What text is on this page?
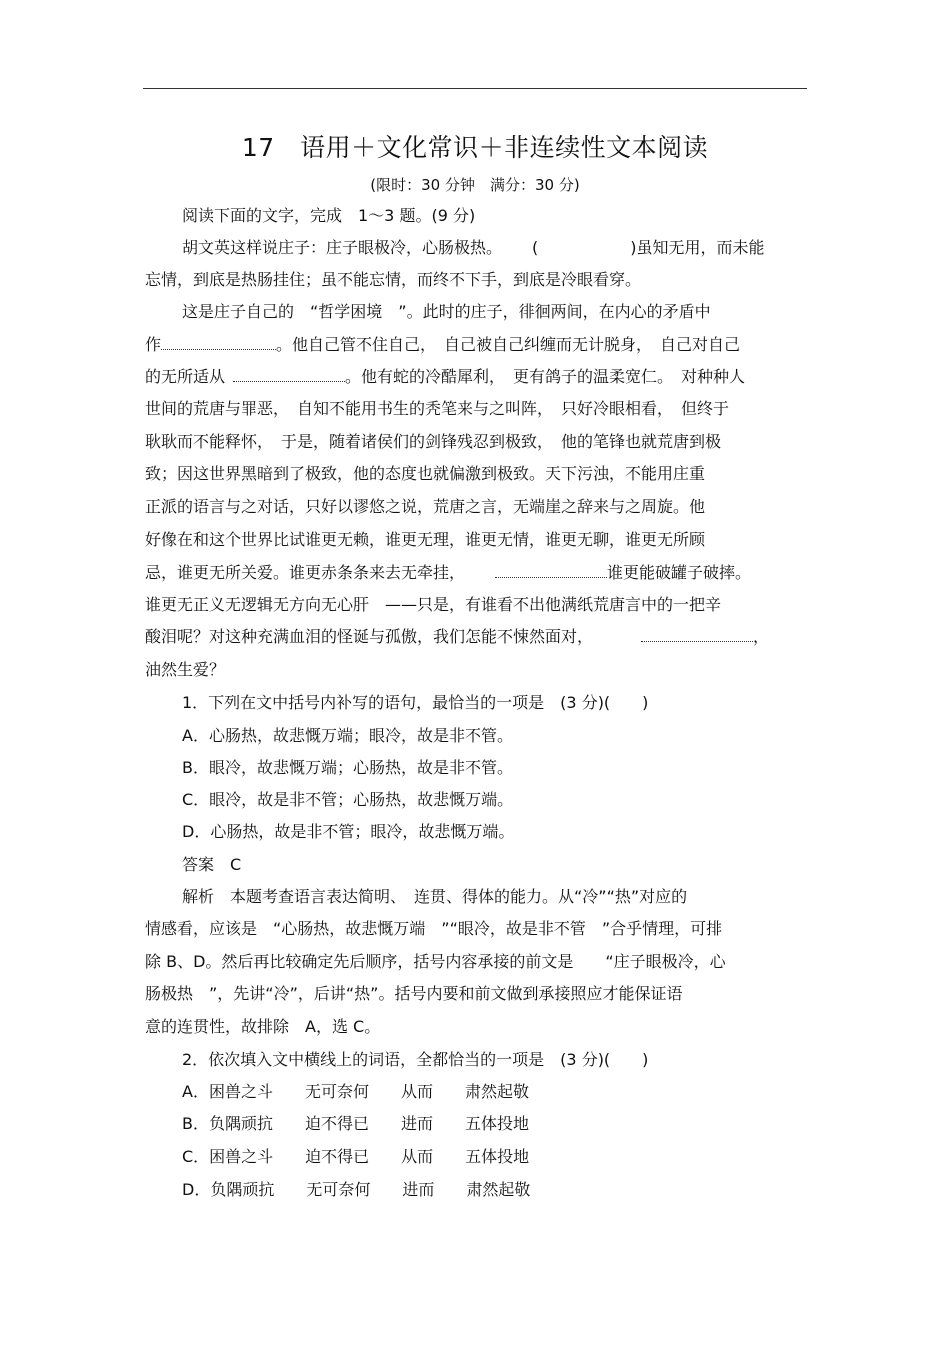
17　语用＋文化常识＋非连续性文本阅读
(限时：30 分钟　满分：30 分)
阅读下面的文字，完成　1～3 题。(9 分)
胡文英这样说庄子：庄子眼极冷，心肠极热。 (	)虽知无用，而未能
忘情，到底是热肠挂住；虽不能忘情，而终不下手，到底是冷眼看穿。
这是庄子自己的　“哲学困境　”。此时的庄子，徘徊两间，在内心的矛盾中
作	。他自己管不住自己，　自己被自己纠缠而无计脱身，　自己对自己
的无所适从	。他有蛇的冷酷犀利，　更有鸽子的温柔宽仁。　对种种人
世间的荒唐与罪恶，　自知不能用书生的秃笔来与之叫阵，　只好冷眼相看，　但终于
耿耿而不能释怀，　于是，随着诸侯们的剑锋残忍到极致，　他的笔锋也就荒唐到极
致；因这世界黑暗到了极致，他的态度也就偏激到极致。天下污浊，不能用庄重
正派的语言与之对话，只好以谬悠之说，荒唐之言，无端崖之辞来与之周旋。他
好像在和这个世界比试谁更无赖，谁更无理，谁更无情，谁更无聊，谁更无所顾
忌，谁更无所关爱。谁更赤条条来去无牵挂，	谁更能破罐子破摔。
谁更无正义无逻辑无方向无心肝　——只是，有谁看不出他满纸荒唐言中的一把辛
酸泪呢？对这种充满血泪的怪诞与孤傲，我们怎能不悚然面对，	，
油然生爱？
1．下列在文中括号内补写的语句，最恰当的一项是　(3 分)(　　)
A．心肠热，故悲慨万端；眼冷，故是非不管。
B．眼冷，故悲慨万端；心肠热，故是非不管。
C．眼冷，故是非不管；心肠热，故悲慨万端。
D．心肠热，故是非不管；眼冷，故悲慨万端。
答案　C
解析　本题考查语言表达简明、　连贯、得体的能力。从“冷”“热”对应的
情感看，应该是　“心肠热，故悲慨万端　”“眼冷，故是非不管　”合乎情理，可排
除 B、D。然后再比较确定先后顺序，括号内容承接的前文是　　“庄子眼极冷，心
肠极热　”，先讲“冷”，后讲“热”。括号内要和前文做到承接照应才能保证语
意的连贯性，故排除　A，选 C。
2．依次填入文中横线上的词语，全都恰当的一项是　(3 分)(　　)
A．困兽之斗　　无可奈何　　从而　　肃然起敬
B．负隅顽抗　　迫不得已　　进而　　五体投地
C．困兽之斗　　迫不得已　　从而　　五体投地
D．负隅顽抗　　无可奈何　　进而　　肃然起敬
